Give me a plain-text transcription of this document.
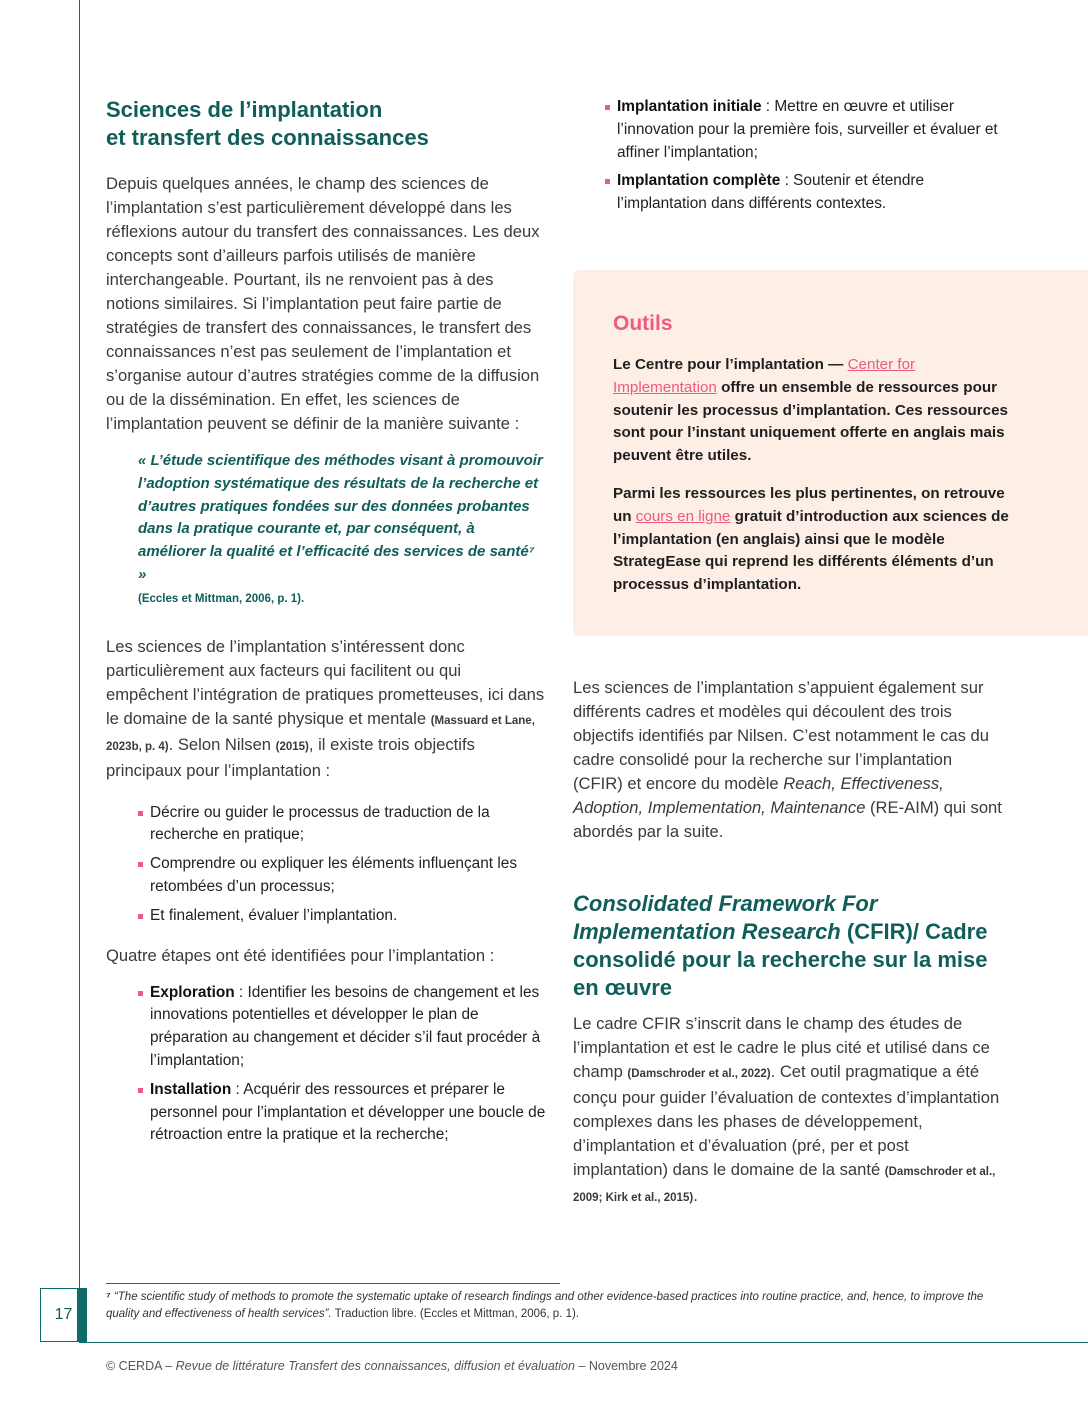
17
Sciences de l’implantation
et transfert des connaissances

Depuis quelques années, le champ des sciences de l’implantation s’est particulièrement développé dans les réflexions autour du transfert des connaissances. Les deux concepts sont d’ailleurs parfois utilisés de manière interchangeable. Pourtant, ils ne renvoient pas à des notions similaires. Si l’implantation peut faire partie de stratégies de transfert des connaissances, le transfert des connaissances n’est pas seulement de l’implantation et s’organise autour d’autres stratégies comme de la diffusion ou de la dissémination. En effet, les sciences de l’implantation peuvent se définir de la manière suivante :

« L’étude scientifique des méthodes visant à promouvoir l’adoption systématique des résultats de la recherche et d’autres pratiques fondées sur des données probantes dans la pratique courante et, par conséquent, à améliorer la qualité et l’efficacité des services de santé⁷ »
(Eccles et Mittman, 2006, p. 1).

Les sciences de l’implantation s’intéressent donc particulièrement aux facteurs qui facilitent ou qui empêchent l’intégration de pratiques prometteuses, ici dans le domaine de la santé physique et mentale (Massuard et Lane, 2023b, p. 4). Selon Nilsen (2015), il existe trois objectifs principaux pour l’implantation :

Décrire ou guider le processus de traduction de la recherche en pratique;
Comprendre ou expliquer les éléments influençant les retombées d’un processus;
Et finalement, évaluer l’implantation.

Quatre étapes ont été identifiées pour l’implantation :

Exploration : Identifier les besoins de changement et les innovations potentielles et développer le plan de préparation au changement et décider s’il faut procéder à l’implantation;
Installation : Acquérir des ressources et préparer le personnel pour l’implantation et développer une boucle de rétroaction entre la pratique et la recherche;
Implantation initiale : Mettre en œuvre et utiliser l’innovation pour la première fois, surveiller et évaluer et affiner l’implantation;
Implantation complète : Soutenir et étendre l’implantation dans différents contextes.
Outils

Le Centre pour l’implantation — Center for Implementation offre un ensemble de ressources pour soutenir les processus d’implantation. Ces ressources sont pour l’instant uniquement offerte en anglais mais peuvent être utiles.

Parmi les ressources les plus pertinentes, on retrouve un cours en ligne gratuit d’introduction aux sciences de l’implantation (en anglais) ainsi que le modèle StrategEase qui reprend les différents éléments d’un processus d’implantation.

Les sciences de l’implantation s’appuient également sur différents cadres et modèles qui découlent des trois objectifs identifiés par Nilsen. C’est notamment le cas du cadre consolidé pour la recherche sur l’implantation (CFIR) et encore du modèle Reach, Effectiveness, Adoption, Implementation, Maintenance (RE-AIM) qui sont abordés par la suite.

Consolidated Framework For Implementation Research (CFIR)/ Cadre consolidé pour la recherche sur la mise en œuvre

Le cadre CFIR s’inscrit dans le champ des études de l’implantation et est le cadre le plus cité et utilisé dans ce champ (Damschroder et al., 2022). Cet outil pragmatique a été conçu pour guider l’évaluation de contextes d’implantation complexes dans les phases de développement, d’implantation et d’évaluation (pré, per et post implantation) dans le domaine de la santé (Damschroder et al., 2009; Kirk et al., 2015).

⁷ “The scientific study of methods to promote the systematic uptake of research findings and other evidence-based practices into routine practice, and, hence, to improve the quality and effectiveness of health services”. Traduction libre. (Eccles et Mittman, 2006, p. 1).
© CERDA – Revue de littérature Transfert des connaissances, diffusion et évaluation – Novembre 2024
